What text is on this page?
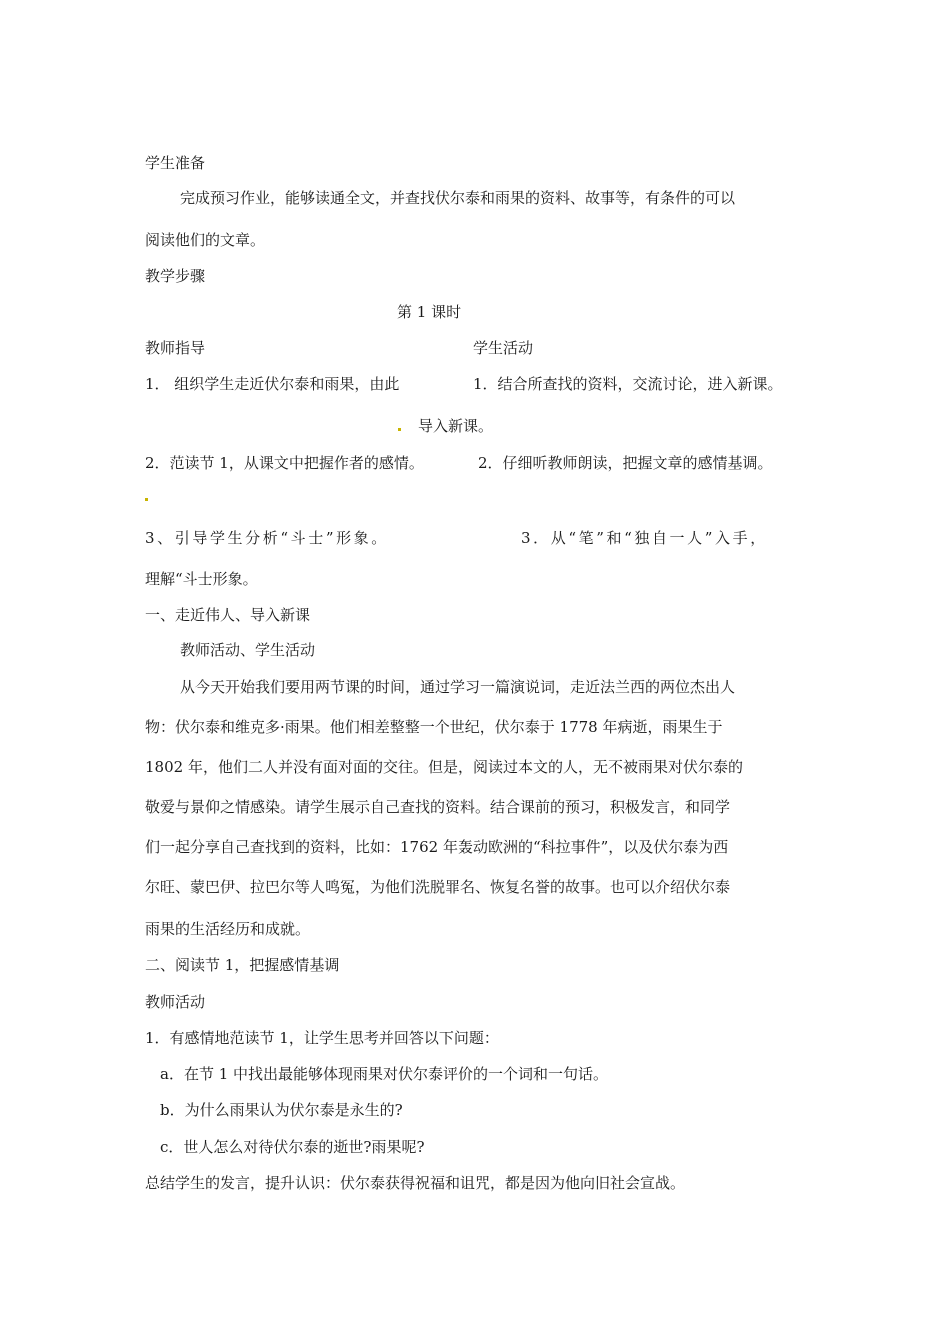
学生准备
完成预习作业，能够读通全文，并查找伏尔泰和雨果的资料、故事等，有条件的可以
阅读他们的文章。
教学步骤
第 1 课时
教师指导	学生活动
1． 组织学生走近伏尔泰和雨果，由此	1．结合所查找的资料，交流讨论，进入新课。
导入新课。
2．范读节 1，从课文中把握作者的感情。	2．仔细听教师朗读，把握文章的感情基调。
3、引导学生分析“斗士”形象。	3．从“笔”和“独自一人”入手，
理解“斗士形象。
一、走近伟人、导入新课
教师活动、学生活动
从今天开始我们要用两节课的时间，通过学习一篇演说词，走近法兰西的两位杰出人
物：伏尔泰和维克多·雨果。他们相差整整一个世纪，伏尔泰于 1778 年病逝，雨果生于
1802 年，他们二人并没有面对面的交往。但是，阅读过本文的人，无不被雨果对伏尔泰的
敬爱与景仰之情感染。请学生展示自己查找的资料。结合课前的预习，积极发言，和同学
们一起分享自己查找到的资料，比如：1762 年轰动欧洲的“科拉事件”，以及伏尔泰为西
尔旺、蒙巴伊、拉巴尔等人鸣冤，为他们洗脱罪名、恢复名誉的故事。也可以介绍伏尔泰
雨果的生活经历和成就。
二、阅读节 1，把握感情基调
教师活动
1．有感情地范读节 1，让学生思考并回答以下问题：
a．在节 1 中找出最能够体现雨果对伏尔泰评价的一个词和一句话。
b．为什么雨果认为伏尔泰是永生的?
c．世人怎么对待伏尔泰的逝世?雨果呢?
总结学生的发言，提升认识：伏尔泰获得祝福和诅咒，都是因为他向旧社会宣战。
